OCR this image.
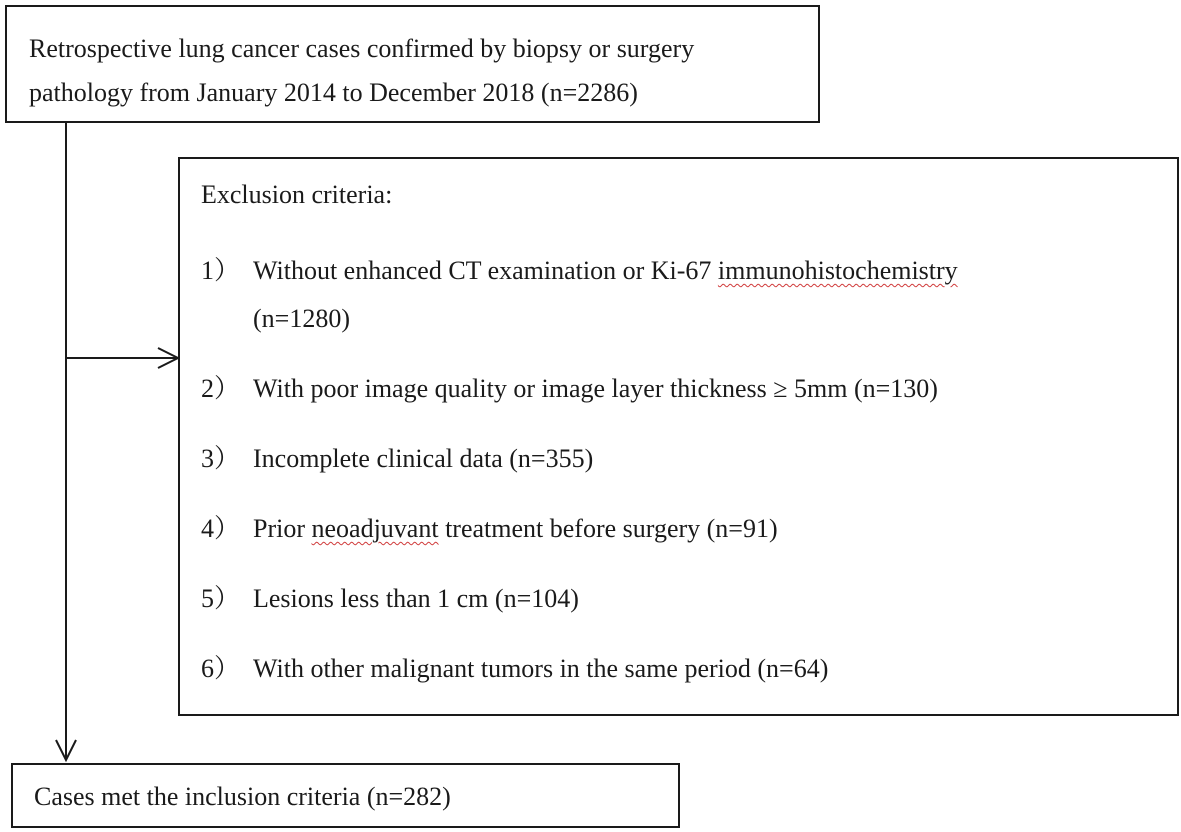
Retrospective lung cancer cases confirmed by biopsy or surgery
pathology from January 2014 to December 2018 (n=2286)
Exclusion criteria:
1） Without enhanced CT examination or Ki-67 immunohistochemistry
(n=1280)
2） With poor image quality or image layer thickness ≥ 5mm (n=130)
3） Incomplete clinical data (n=355)
4） Prior neoadjuvant treatment before surgery (n=91)
5） Lesions less than 1 cm (n=104)
6） With other malignant tumors in the same period (n=64)
Cases met the inclusion criteria (n=282)
